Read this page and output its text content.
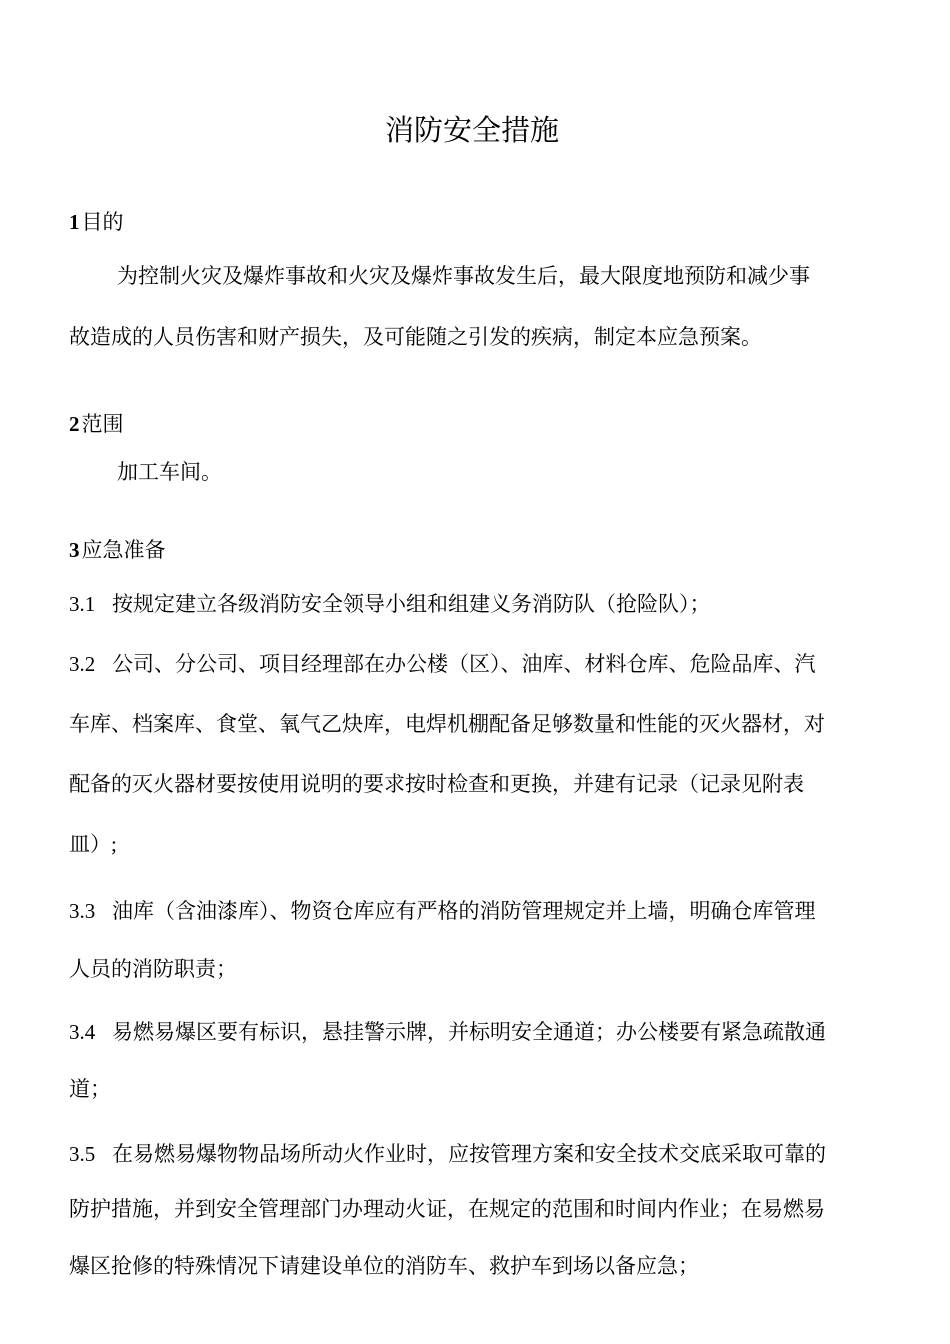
消防安全措施
1目的

为控制火灾及爆炸事故和火灾及爆炸事故发生后，最大限度地预防和减少事

故造成的人员伤害和财产损失，及可能随之引发的疾病，制定本应急预案。

2范围

加工车间。

3应急准备

3.1 按规定建立各级消防安全领导小组和组建义务消防队（抢险队）；

3.2 公司、分公司、项目经理部在办公楼（区）、油库、材料仓库、危险品库、汽

车库、档案库、食堂、氧气乙炔库，电焊机棚配备足够数量和性能的灭火器材，对

配备的灭火器材要按使用说明的要求按时检查和更换，并建有记录（记录见附表

皿）;

3.3 油库（含油漆库）、物资仓库应有严格的消防管理规定并上墙，明确仓库管理

人员的消防职责；

3.4 易燃易爆区要有标识，悬挂警示牌，并标明安全通道；办公楼要有紧急疏散通

道；

3.5 在易燃易爆物物品场所动火作业时，应按管理方案和安全技术交底采取可靠的

防护措施，并到安全管理部门办理动火证，在规定的范围和时间内作业；在易燃易

爆区抢修的特殊情况下请建设单位的消防车、救护车到场以备应急；
